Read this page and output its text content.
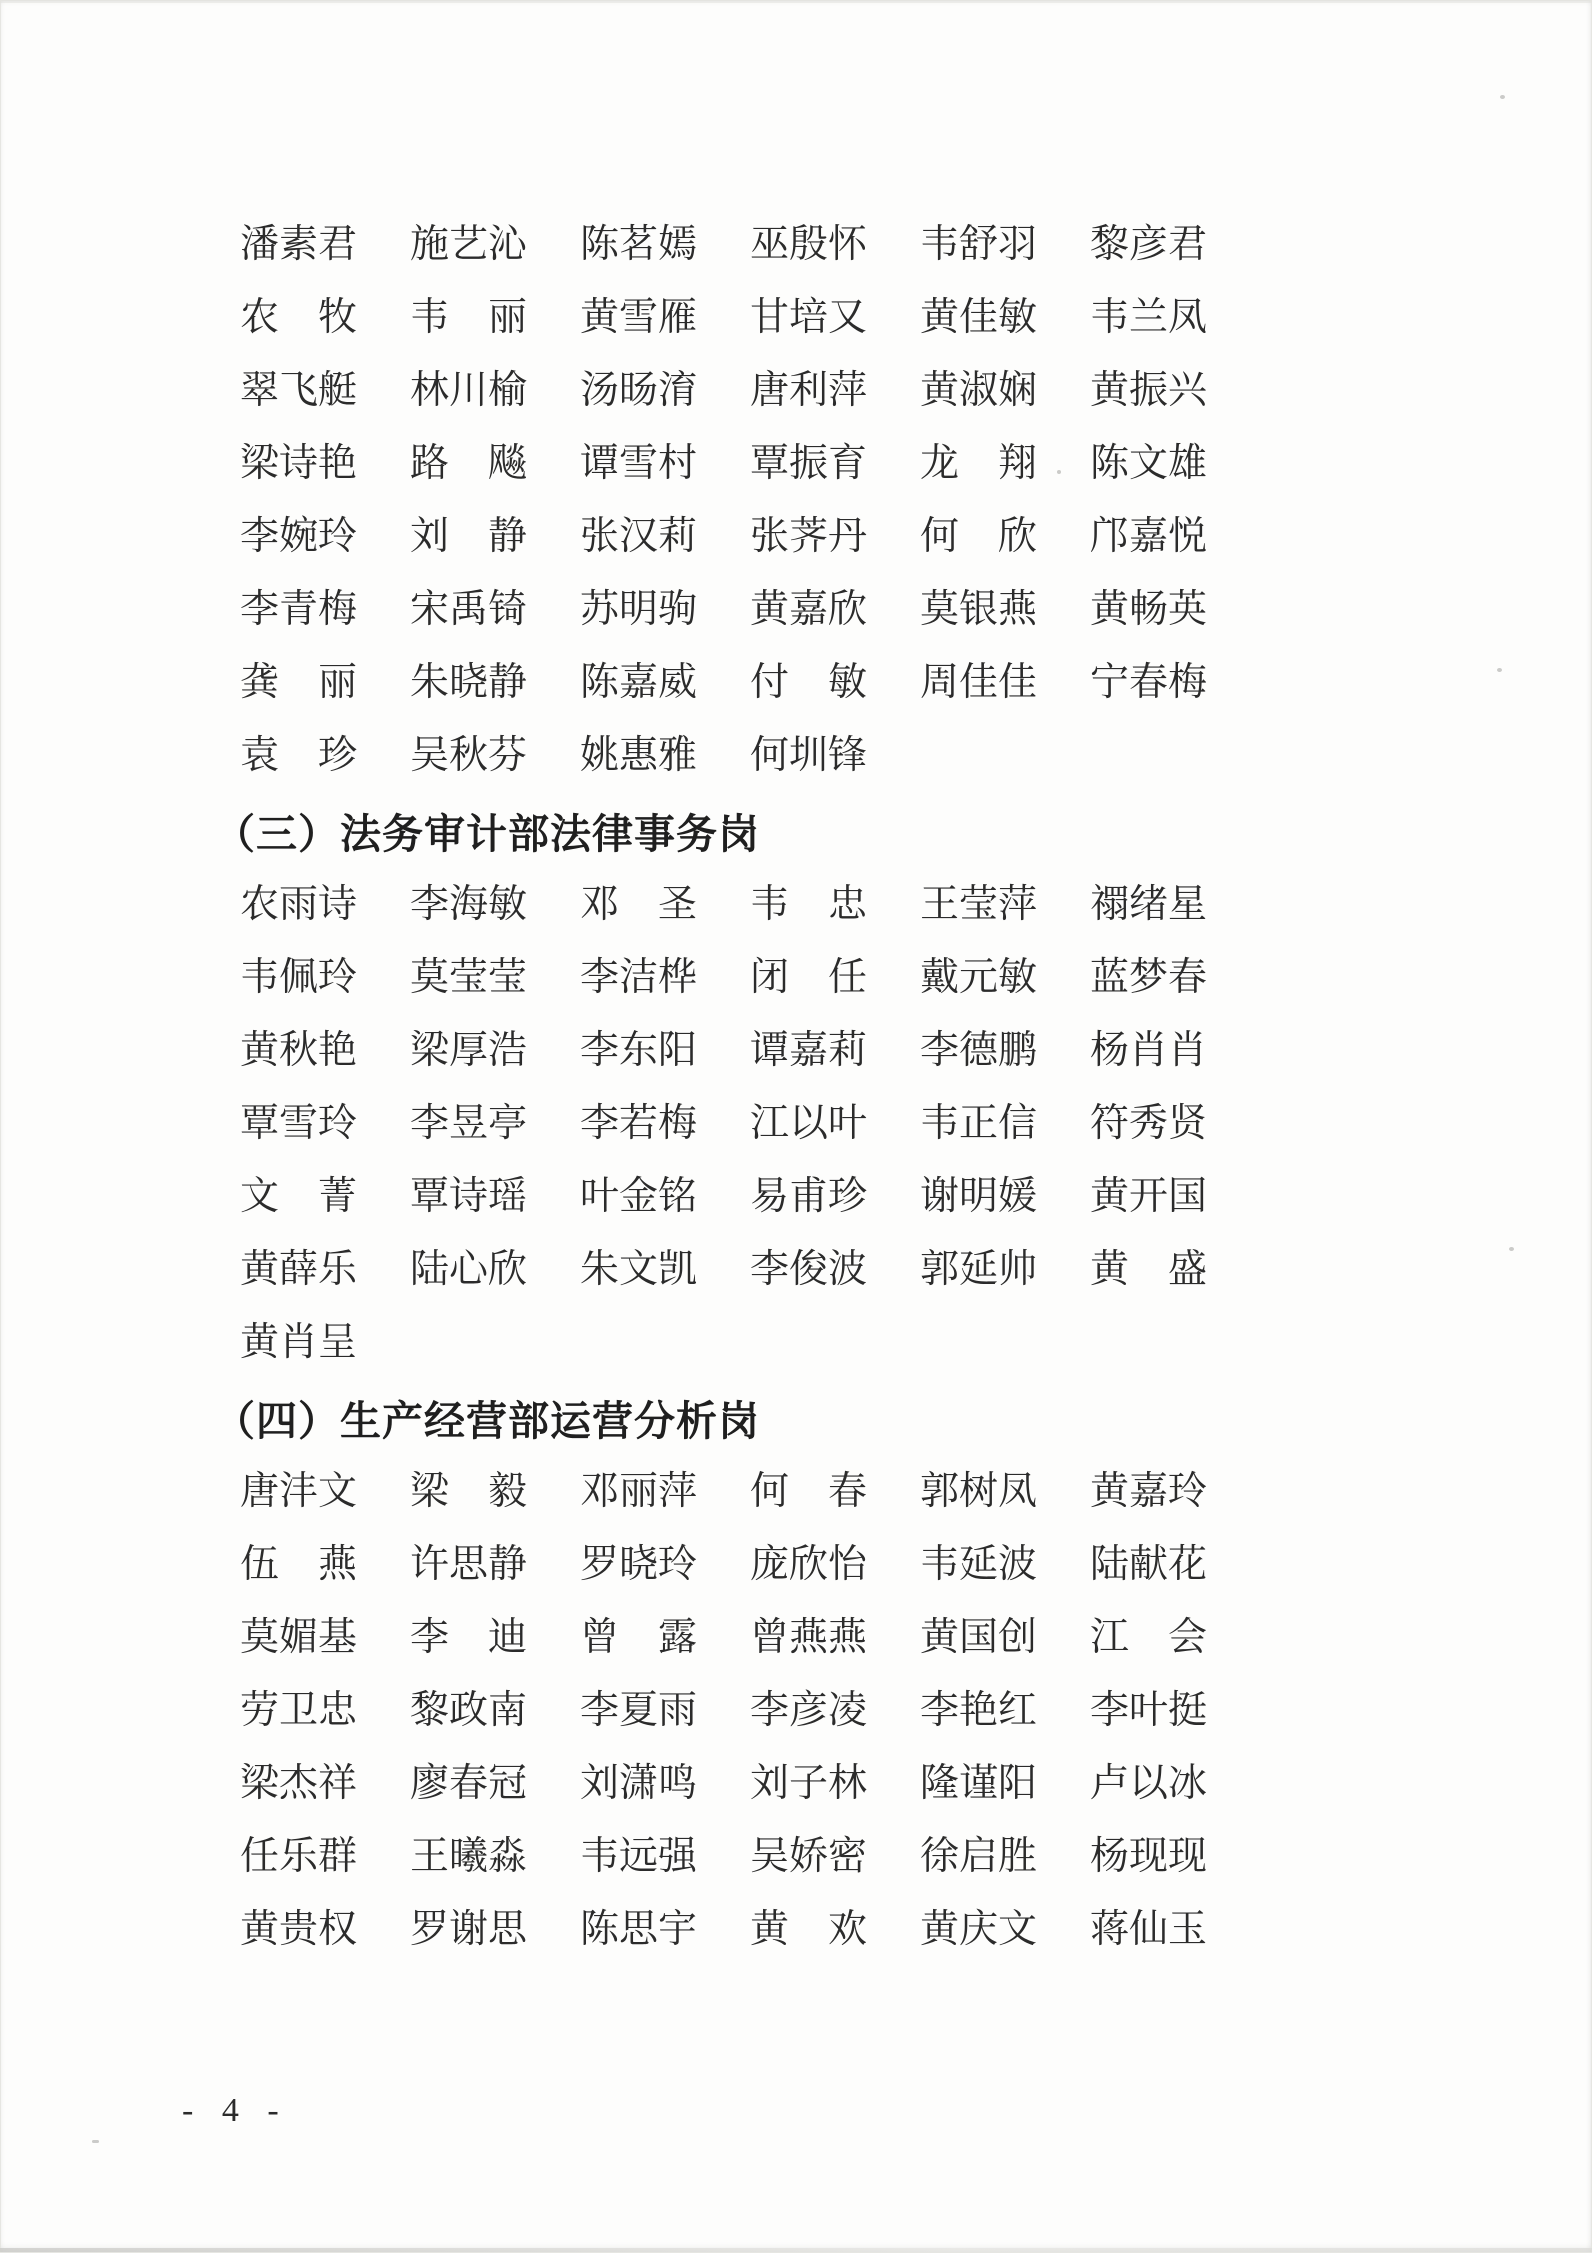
潘素君 施艺沁 陈茗嫣 巫殷怀 韦舒羽 黎彦君
农　牧 韦　丽 黄雪雁 甘培又 黄佳敏 韦兰凤
翠飞艇 林川榆 汤旸淯 唐利萍 黄淑娴 黄振兴
梁诗艳 路　飚 谭雪村 覃振育 龙　翔 陈文雄
李婉玲 刘　静 张汉莉 张荠丹 何　欣 邝嘉悦
李青梅 宋禹锜 苏明驹 黄嘉欣 莫银燕 黄畅英
龚　丽 朱晓静 陈嘉威 付　敏 周佳佳 宁春梅
袁　珍 吴秋芬 姚惠雅 何圳锋
（三）法务审计部法律事务岗
农雨诗 李海敏 邓　圣 韦　忠 王莹萍 禤绪星
韦佩玲 莫莹莹 李洁桦 闭　任 戴元敏 蓝梦春
黄秋艳 梁厚浩 李东阳 谭嘉莉 李德鹏 杨肖肖
覃雪玲 李昱亭 李若梅 江以叶 韦正信 符秀贤
文　菁 覃诗瑶 叶金铭 易甫珍 谢明媛 黄开国
黄薛乐 陆心欣 朱文凯 李俊波 郭延帅 黄　盛
黄肖呈
（四）生产经营部运营分析岗
唐沣文 梁　毅 邓丽萍 何　春 郭树凤 黄嘉玲
伍　燕 许思静 罗晓玲 庞欣怡 韦延波 陆献花
莫媚基 李　迪 曾　露 曾燕燕 黄国创 江　会
劳卫忠 黎政南 李夏雨 李彦凌 李艳红 李叶挺
梁杰祥 廖春冠 刘潇鸣 刘子林 隆谨阳 卢以冰
任乐群 王曦淼 韦远强 吴娇密 徐启胜 杨现现
黄贵权 罗谢思 陈思宇 黄　欢 黄庆文 蒋仙玉
- 4 -
